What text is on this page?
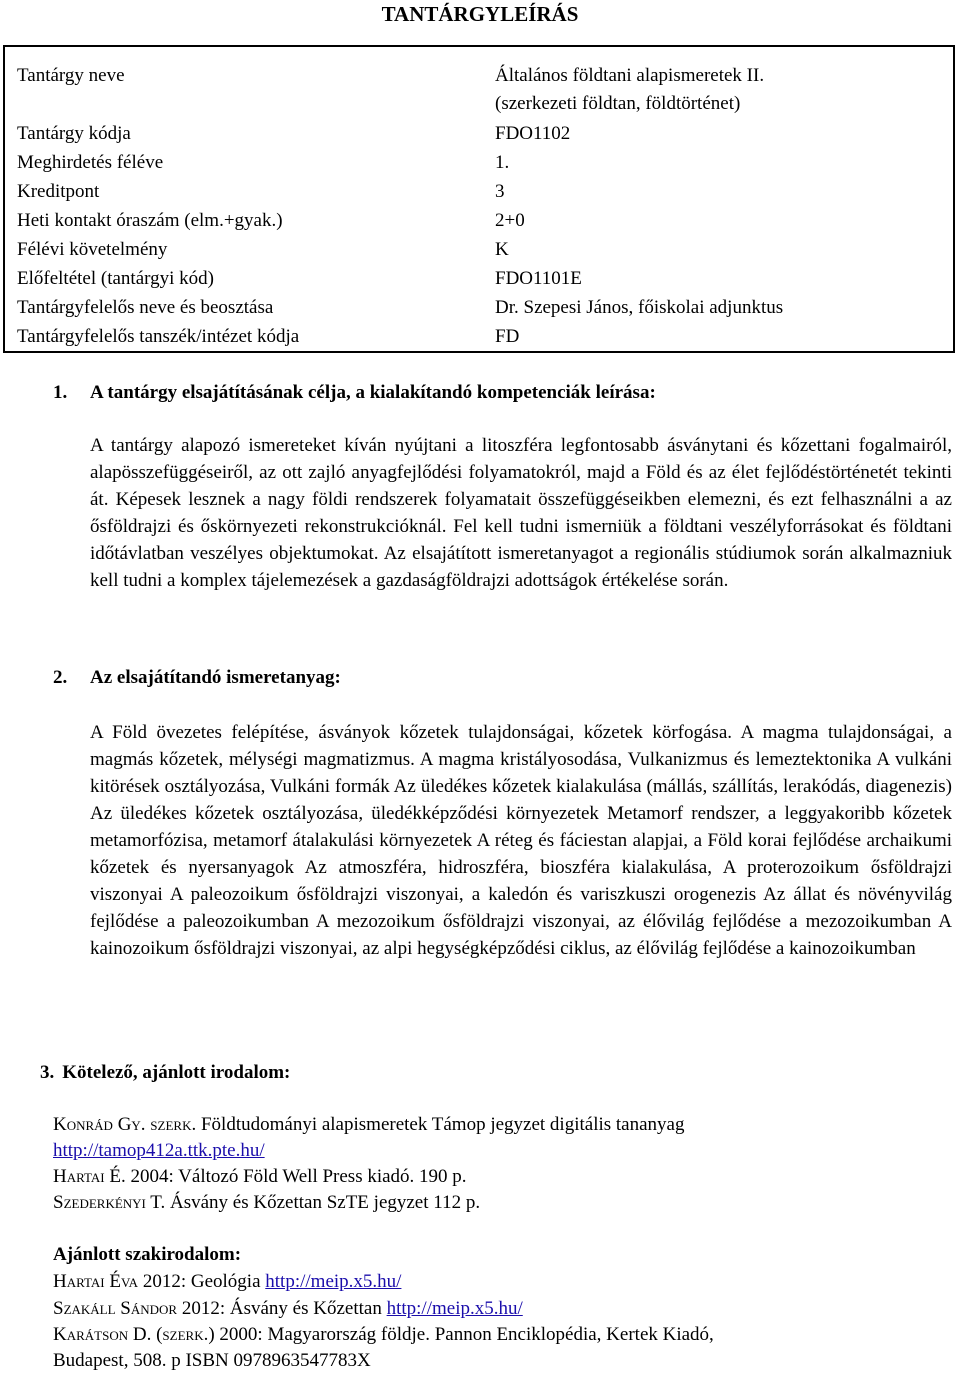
TANTÁRGYLEÍRÁS
Tantárgy neve	Általános földtani alapismeretek II.
(szerkezeti földtan, földtörténet)
Tantárgy kódja	FDO1102
Meghirdetés féléve	1.
Kreditpont	3
Heti kontakt óraszám (elm.+gyak.)	2+0
Félévi követelmény	K
Előfeltétel (tantárgyi kód)	FDO1101E
Tantárgyfelelős neve és beosztása	Dr. Szepesi János, főiskolai adjunktus
Tantárgyfelelős tanszék/intézet kódja	FD
1. A tantárgy elsajátításának célja, a kialakítandó kompetenciák leírása:

A tantárgy alapozó ismereteket kíván nyújtani a litoszféra legfontosabb ásványtani és kőzettani fogalmairól, alapösszefüggéseiről, az ott zajló anyagfejlődési folyamatokról, majd a Föld és az élet fejlődéstörténetét tekinti át. Képesek lesznek a nagy földi rendszerek folyamatait összefüggéseikben elemezni, és ezt felhasználni a az ősföldrajzi és őskörnyezeti rekonstrukcióknál. Fel kell tudni ismerniük a földtani veszélyforrásokat és földtani időtávlatban veszélyes objektumokat. Az elsajátított ismeretanyagot a regionális stúdiumok során alkalmazniuk kell tudni a komplex tájelemezések a gazdaságföldrajzi adottságok értékelése során.

2. Az elsajátítandó ismeretanyag:

A Föld övezetes felépítése, ásványok kőzetek tulajdonságai, kőzetek körfogása. A magma tulajdonságai, a magmás kőzetek, mélységi magmatizmus. A magma kristályosodása, Vulkanizmus és lemeztektonika A vulkáni kitörések osztályozása, Vulkáni formák Az üledékes kőzetek kialakulása (mállás, szállítás, lerakódás, diagenezis) Az üledékes kőzetek osztályozása, üledékképződési környezetek Metamorf rendszer, a leggyakoribb kőzetek metamorfózisa, metamorf átalakulási környezetek A réteg és fáciestan alapjai, a Föld korai fejlődése archaikumi kőzetek és nyersanyagok Az atmoszféra, hidroszféra, bioszféra kialakulása, A proterozoikum ősföldrajzi viszonyai A paleozoikum ősföldrajzi viszonyai, a kaledón és variszkuszi orogenezis Az állat és növényvilág fejlődése a paleozoikumban A mezozoikum ősföldrajzi viszonyai, az élővilág fejlődése a mezozoikumban A kainozoikum ősföldrajzi viszonyai, az alpi hegységképződési ciklus, az élővilág fejlődése a kainozoikumban

3. Kötelező, ajánlott irodalom:
Konrád Gy. szerk. Földtudományi alapismeretek Támop jegyzet digitális tananyag
http://tamop412a.ttk.pte.hu/
Hartai É. 2004: Változó Föld Well Press kiadó. 190 p.
Szederkényi T. Ásvány és Kőzettan SzTE jegyzet 112 p.
Ajánlott szakirodalom:
Hartai Éva 2012: Geológia http://meip.x5.hu/
Szakáll Sándor 2012: Ásvány és Kőzettan http://meip.x5.hu/
Karátson D. (szerk.) 2000: Magyarország földje. Pannon Enciklopédia, Kertek Kiadó,
Budapest, 508. p ISBN 0978963547783X
